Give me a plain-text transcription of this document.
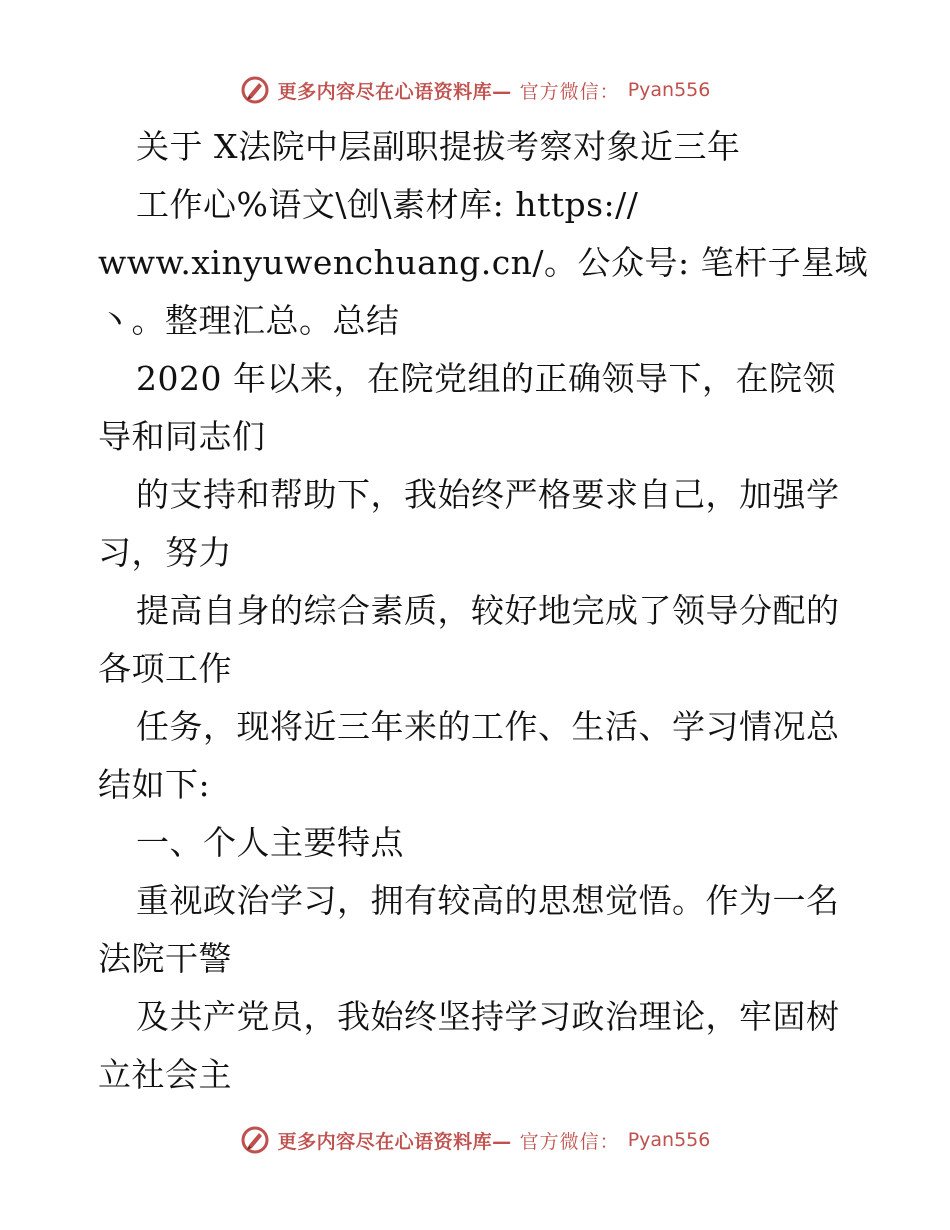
更多内容尽在心语资料库— 官方微信： Pyan556
关于 X法院中层副职提拔考察对象近三年
工作心%语文\创\素材库: https://
www.xinyuwenchuang.cn/。公众号: 笔杆子星域
丶。整理汇总。总结
2020 年以来，在院党组的正确领导下，在院领
导和同志们
的支持和帮助下，我始终严格要求自己，加强学
习，努力
提高自身的综合素质，较好地完成了领导分配的
各项工作
任务，现将近三年来的工作、生活、学习情况总
结如下:
一、个人主要特点
重视政治学习，拥有较高的思想觉悟。作为一名
法院干警
及共产党员，我始终坚持学习政治理论，牢固树
立社会主
更多内容尽在心语资料库— 官方微信： Pyan556
